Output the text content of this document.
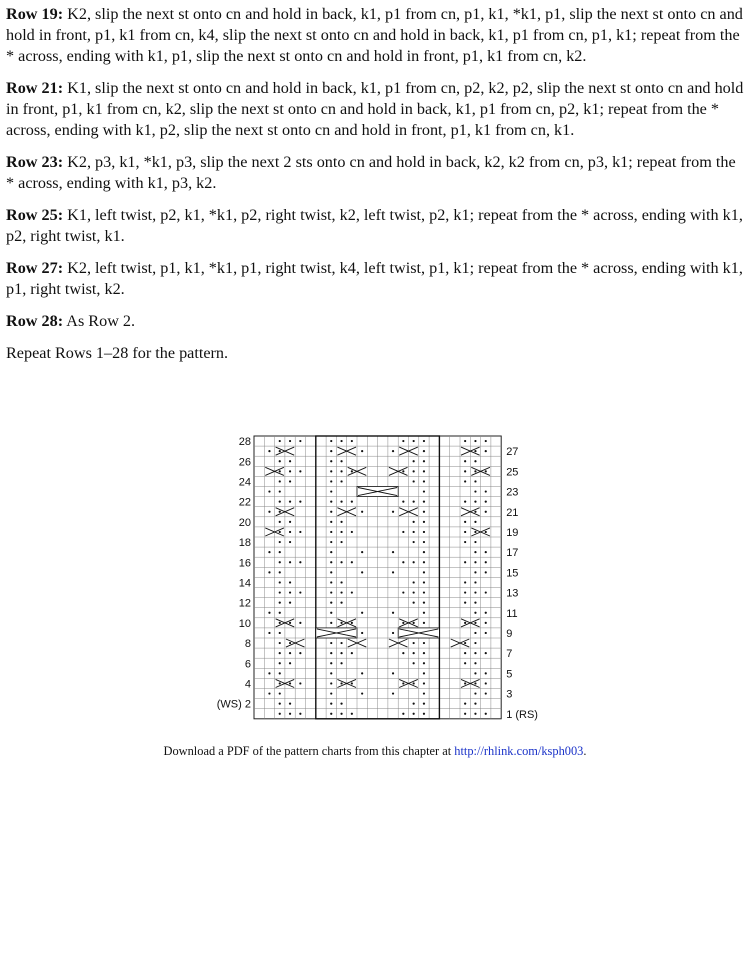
Row 19: K2, slip the next st onto cn and hold in back, k1, p1 from cn, p1, k1, *k1, p1, slip the next st onto cn and hold in front, p1, k1 from cn, k4, slip the next st onto cn and hold in back, k1, p1 from cn, p1, k1; repeat from the * across, ending with k1, p1, slip the next st onto cn and hold in front, p1, k1 from cn, k2.

Row 21: K1, slip the next st onto cn and hold in back, k1, p1 from cn, p2, k2, p2, slip the next st onto cn and hold in front, p1, k1 from cn, k2, slip the next st onto cn and hold in back, k1, p1 from cn, p2, k1; repeat from the * across, ending with k1, p2, slip the next st onto cn and hold in front, p1, k1 from cn, k1.

Row 23: K2, p3, k1, *k1, p3, slip the next 2 sts onto cn and hold in back, k2, k2 from cn, p3, k1; repeat from the * across, ending with k1, p3, k2.

Row 25: K1, left twist, p2, k1, *k1, p2, right twist, k2, left twist, p2, k1; repeat from the * across, ending with k1, p2, right twist, k1.

Row 27: K2, left twist, p1, k1, *k1, p1, right twist, k4, left twist, p1, k1; repeat from the * across, ending with k1, p1, right twist, k2.

Row 28: As Row 2.

Repeat Rows 1–28 for the pattern.

28
26
24
22
20
18
16
14
12
10
8
6
4
(WS) 2
27
25
23
21
19
17
15
13
11
9
7
5
3
1 (RS)
Download a PDF of the pattern charts from this chapter at http://rhlink.com/ksph003.
